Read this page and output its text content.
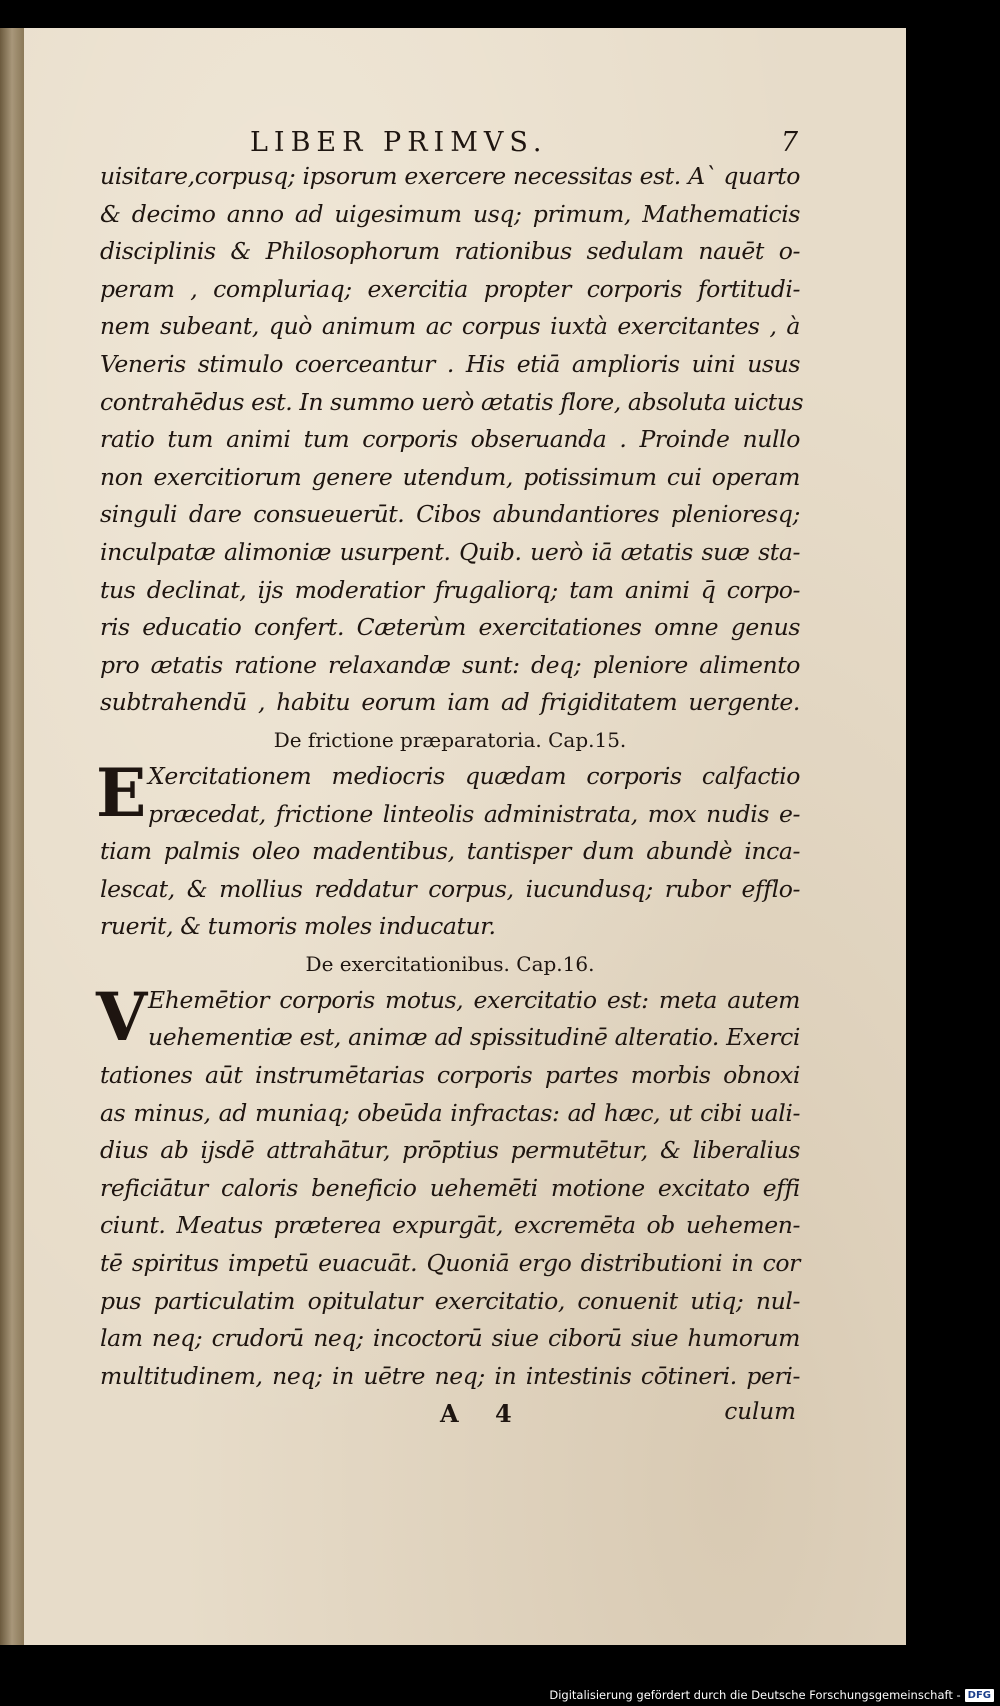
LIBER PRIMVS.	7
uisitare,corpusq; ipsorum exercere necessitas est. A` quarto
& decimo anno ad uigesimum usq; primum, Mathematicis
disciplinis & Philosophorum rationibus sedulam nauēt o-
peram , compluriaq; exercitia propter corporis fortitudi-
nem subeant, quò animum ac corpus iuxtà exercitantes , à
Veneris stimulo coerceantur . His etiā amplioris uini usus
contrahēdus est. In summo uerò ætatis flore, absoluta uictus
ratio tum animi tum corporis obseruanda . Proinde nullo
non exercitiorum genere utendum, potissimum cui operam
singuli dare consueuerūt. Cibos abundantiores plenioresq;
inculpatæ alimoniæ usurpent. Quib. uerò iā ætatis suæ sta-
tus declinat, ijs moderatior frugaliorq; tam animi q̄ corpo-
ris educatio confert. Cæterùm exercitationes omne genus
pro ætatis ratione relaxandæ sunt: deq; pleniore alimento
subtrahendū , habitu eorum iam ad frigiditatem uergente.
De frictione præparatoria. Cap.15.
E Xercitationem mediocris quædam corporis calfactio
præcedat, frictione linteolis administrata, mox nudis e-
tiam palmis oleo madentibus, tantisper dum abundè inca-
lescat, & mollius reddatur corpus, iucundusq; rubor efflo-
ruerit, & tumoris moles inducatur.
De exercitationibus. Cap.16.
V Ehemētior corporis motus, exercitatio est: meta autem
uehementiæ est, animæ ad spissitudinē alteratio. Exerci
tationes aūt instrumētarias corporis partes morbis obnoxi
as minus, ad muniaq; obeūda infractas: ad hæc, ut cibi uali-
dius ab ijsdē attrahātur, prōptius permutētur, & liberalius
reficiātur caloris beneficio uehemēti motione excitato effi
ciunt. Meatus præterea expurgāt, excremēta ob uehemen-
tē spiritus impetū euacuāt. Quoniā ergo distributioni in cor
pus particulatim opitulatur exercitatio, conuenit utiq; nul-
lam neq; crudorū neq; incoctorū siue ciborū siue humorum
multitudinem, neq; in uētre neq; in intestinis cōtineri. peri-
A 4	culum
Digitalisierung gefördert durch die Deutsche Forschungsgemeinschaft - DFG
